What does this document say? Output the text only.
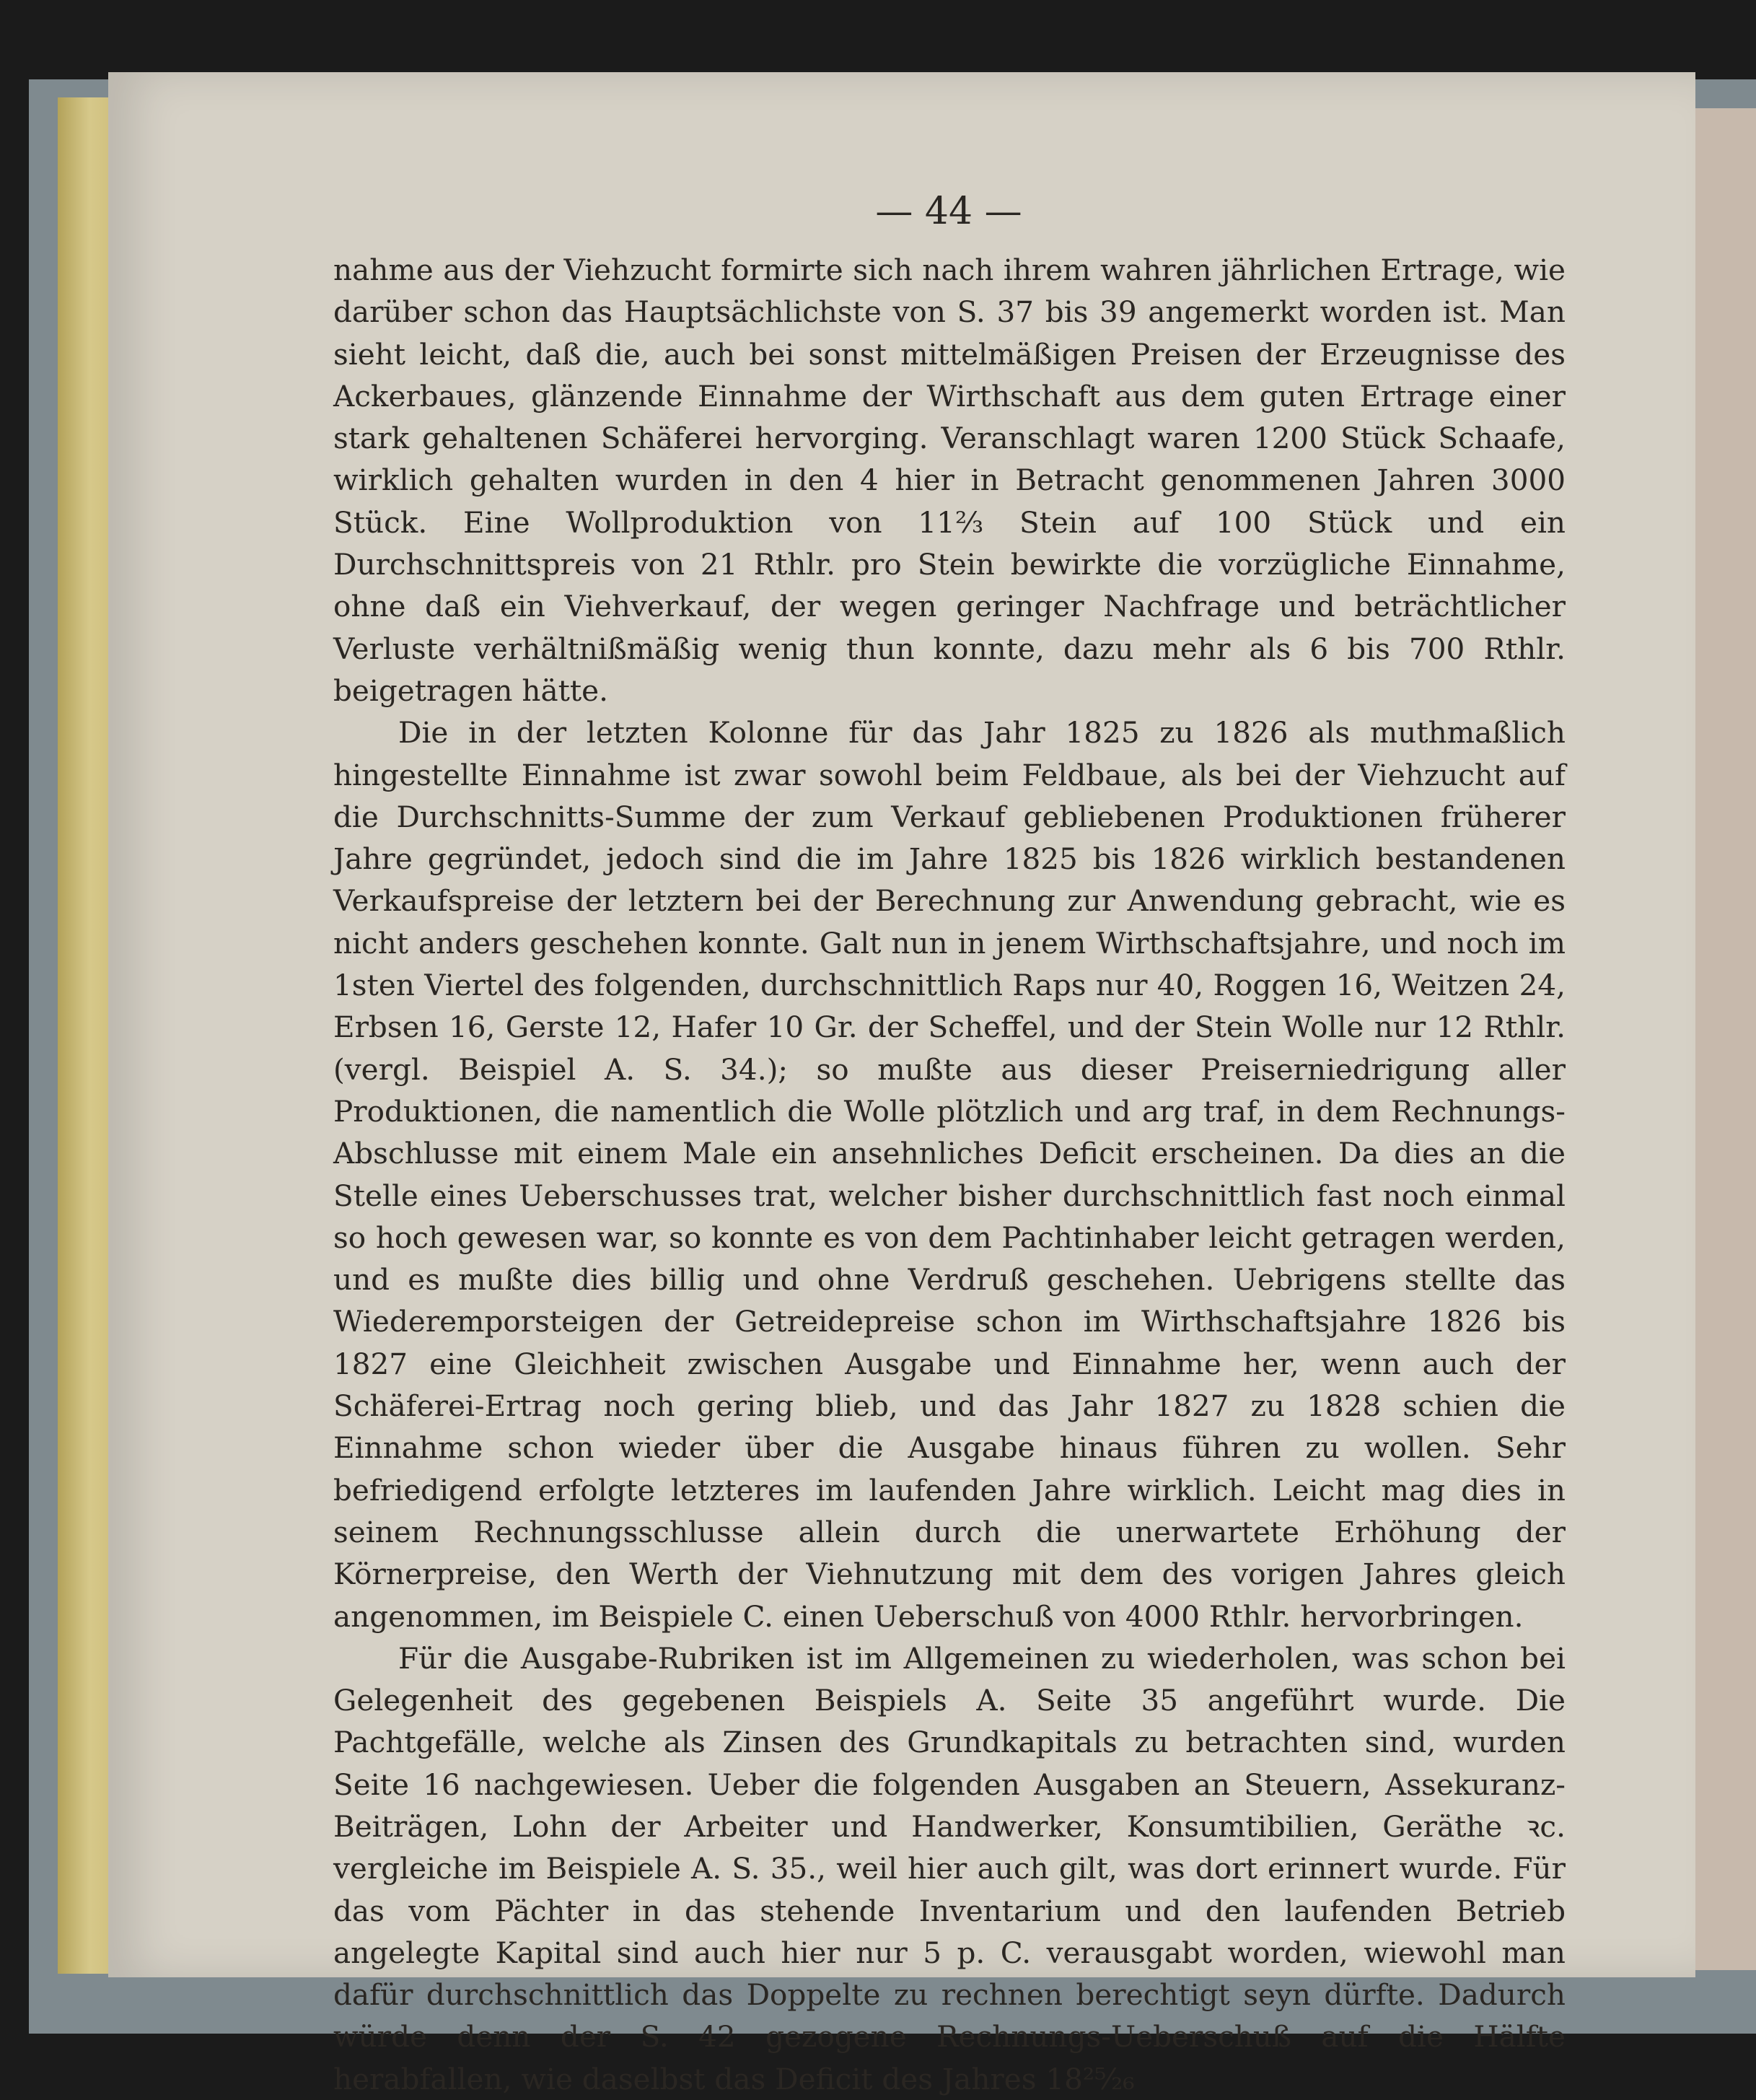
— 44 —

nahme aus der Viehzucht formirte sich nach ihrem wahren jährlichen Ertrage, wie darüber schon das Hauptsächlichste von S. 37 bis 39 angemerkt worden ist. Man sieht leicht, daß die, auch bei sonst mittelmäßigen Preisen der Erzeugnisse des Ackerbaues, glänzende Einnahme der Wirthschaft aus dem guten Ertrage einer stark gehaltenen Schäferei hervorging. Veranschlagt waren 1200 Stück Schaafe, wirklich gehalten wurden in den 4 hier in Betracht genommenen Jahren 3000 Stück. Eine Wollproduktion von 11⅔ Stein auf 100 Stück und ein Durchschnittspreis von 21 Rthlr. pro Stein bewirkte die vorzügliche Einnahme, ohne daß ein Viehverkauf, der wegen geringer Nachfrage und beträchtlicher Verluste verhältnißmäßig wenig thun konnte, dazu mehr als 6 bis 700 Rthlr. beigetragen hätte.

Die in der letzten Kolonne für das Jahr 1825 zu 1826 als muthmaßlich hingestellte Einnahme ist zwar sowohl beim Feldbaue, als bei der Viehzucht auf die Durchschnitts-Summe der zum Verkauf gebliebenen Produktionen früherer Jahre gegründet, jedoch sind die im Jahre 1825 bis 1826 wirklich bestandenen Verkaufspreise der letztern bei der Berechnung zur Anwendung gebracht, wie es nicht anders geschehen konnte. Galt nun in jenem Wirthschaftsjahre, und noch im 1sten Viertel des folgenden, durchschnittlich Raps nur 40, Roggen 16, Weitzen 24, Erbsen 16, Gerste 12, Hafer 10 Gr. der Scheffel, und der Stein Wolle nur 12 Rthlr. (vergl. Beispiel A. S. 34.); so mußte aus dieser Preiserniedrigung aller Produktionen, die namentlich die Wolle plötzlich und arg traf, in dem Rechnungs-Abschlusse mit einem Male ein ansehnliches Deficit erscheinen. Da dies an die Stelle eines Ueberschusses trat, welcher bisher durchschnittlich fast noch einmal so hoch gewesen war, so konnte es von dem Pachtinhaber leicht getragen werden, und es mußte dies billig und ohne Verdruß geschehen. Uebrigens stellte das Wiederemporsteigen der Getreidepreise schon im Wirthschaftsjahre 1826 bis 1827 eine Gleichheit zwischen Ausgabe und Einnahme her, wenn auch der Schäferei-Ertrag noch gering blieb, und das Jahr 1827 zu 1828 schien die Einnahme schon wieder über die Ausgabe hinaus führen zu wollen. Sehr befriedigend erfolgte letzteres im laufenden Jahre wirklich. Leicht mag dies in seinem Rechnungsschlusse allein durch die unerwartete Erhöhung der Körnerpreise, den Werth der Viehnutzung mit dem des vorigen Jahres gleich angenommen, im Beispiele C. einen Ueberschuß von 4000 Rthlr. hervorbringen.

Für die Ausgabe-Rubriken ist im Allgemeinen zu wiederholen, was schon bei Gelegenheit des gegebenen Beispiels A. Seite 35 angeführt wurde. Die Pachtgefälle, welche als Zinsen des Grundkapitals zu betrachten sind, wurden Seite 16 nachgewiesen. Ueber die folgenden Ausgaben an Steuern, Assekuranz-Beiträgen, Lohn der Arbeiter und Handwerker, Konsumtibilien, Geräthe ꝛc. vergleiche im Beispiele A. S. 35., weil hier auch gilt, was dort erinnert wurde. Für das vom Pächter in das stehende Inventarium und den laufenden Betrieb angelegte Kapital sind auch hier nur 5 p. C. verausgabt worden, wiewohl man dafür durchschnittlich das Doppelte zu rechnen berechtigt seyn dürfte. Dadurch würde denn der S. 42 gezogene Rechnungs-Ueberschuß auf die Hälfte herabfallen, wie daselbst das Deficit des Jahres 18²⁵⁄₂₆
